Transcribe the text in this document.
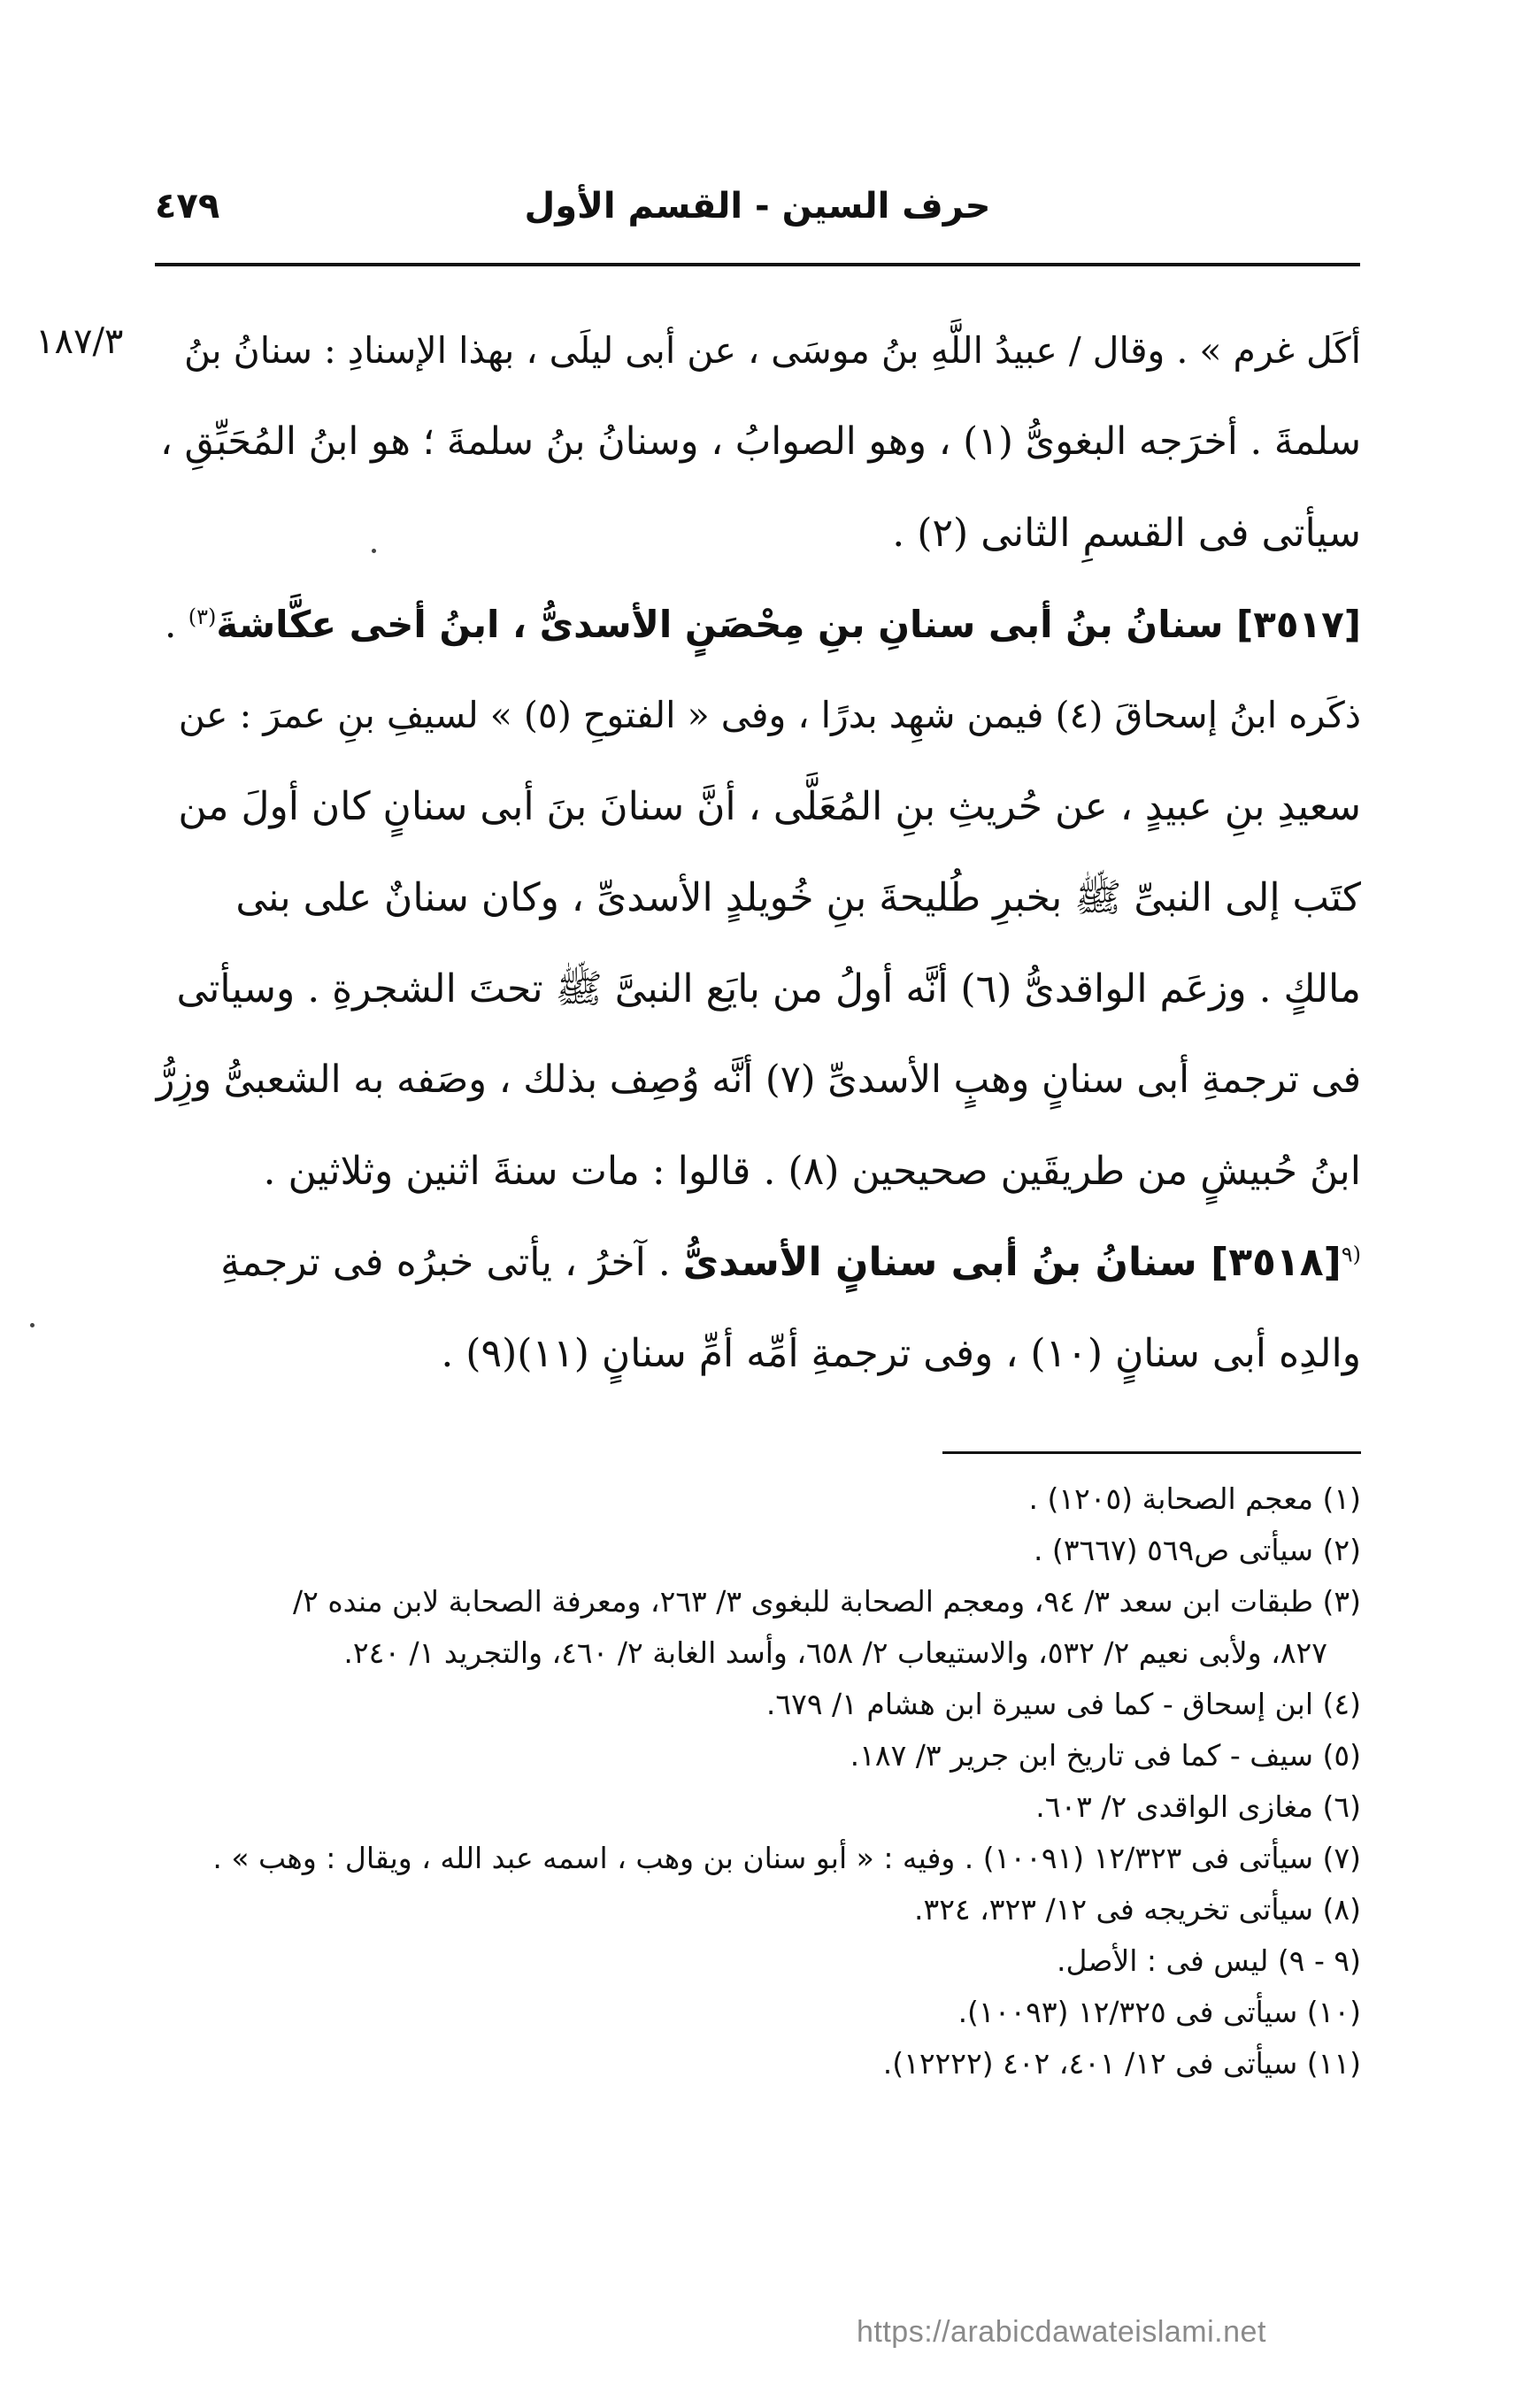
حرف السين - القسم الأول
٤٧٩
١٨٧/٣	أكَل غرم » . وقال / عبيدُ اللَّهِ بنُ موسَى ، عن أبى ليلَى ، بهذا الإسنادِ : سنانُ بنُ
سلمةَ . أخرَجه البغوىُّ (١) ، وهو الصوابُ ، وسنانُ بنُ سلمةَ ؛ هو ابنُ المُحَبِّقِ ،
سيأتى فى القسمِ الثانى (٢) .
[٣٥١٧] سنانُ بنُ أبى سنانِ بنِ مِحْصَنٍ الأسدىُّ ، ابنُ أخى عكَّاشةَ$^{(٣)}$ .
ذكَره ابنُ إسحاقَ (٤) فيمن شهِد بدرًا ، وفى « الفتوحِ (٥) » لسيفِ بنِ عمرَ : عن
سعيدِ بنِ عبيدٍ ، عن حُريثِ بنِ المُعَلَّى ، أنَّ سنانَ بنَ أبى سنانٍ كان أولَ من
كتَب إلى النبىِّ ﷺ بخبرِ طُليحةَ بنِ خُويلدٍ الأسدىِّ ، وكان سنانٌ على بنى
مالكٍ . وزعَم الواقدىُّ (٦) أنَّه أولُ من بايَع النبىَّ ﷺ تحتَ الشجرةِ . وسيأتى
فى ترجمةِ أبى سنانٍ وهبٍ الأسدىِّ (٧) أنَّه وُصِف بذلك ، وصَفه به الشعبىُّ وزِرُّ
ابنُ حُبيشٍ من طريقَين صحيحين (٨) . قالوا : مات سنةَ اثنين وثلاثين .
$^{(٩}$[٣٥١٨] سنانُ بنُ أبى سنانٍ الأسدىُّ . آخرُ ، يأتى خبرُه فى ترجمةِ
والدِه أبى سنانٍ (١٠) ، وفى ترجمةِ أمِّه أمِّ سنانٍ (١١)(٩) .
(١) معجم الصحابة (١٢٠٥) .
(٢) سيأتى ص٥٦٩ (٣٦٦٧) .
(٣) طبقات ابن سعد ٣/ ٩٤، ومعجم الصحابة للبغوى ٣/ ٢٦٣، ومعرفة الصحابة لابن منده ٢/
٨٢٧، ولأبى نعيم ٢/ ٥٣٢، والاستيعاب ٢/ ٦٥٨، وأسد الغابة ٢/ ٤٦٠، والتجريد ١/ ٢٤٠.
(٤) ابن إسحاق - كما فى سيرة ابن هشام ١/ ٦٧٩.
(٥) سيف - كما فى تاريخ ابن جرير ٣/ ١٨٧.
(٦) مغازى الواقدى ٢/ ٦٠٣.
(٧) سيأتى فى ١٢/٣٢٣ (١٠٠٩١) . وفيه : « أبو سنان بن وهب ، اسمه عبد الله ، ويقال : وهب » .
(٨) سيأتى تخريجه فى ١٢/ ٣٢٣، ٣٢٤.
(٩ - ٩) ليس فى : الأصل.
(١٠) سيأتى فى ١٢/٣٢٥ (١٠٠٩٣).
(١١) سيأتى فى ١٢/ ٤٠١، ٤٠٢ (١٢٢٢٢).
https://arabicdawateislami.net
